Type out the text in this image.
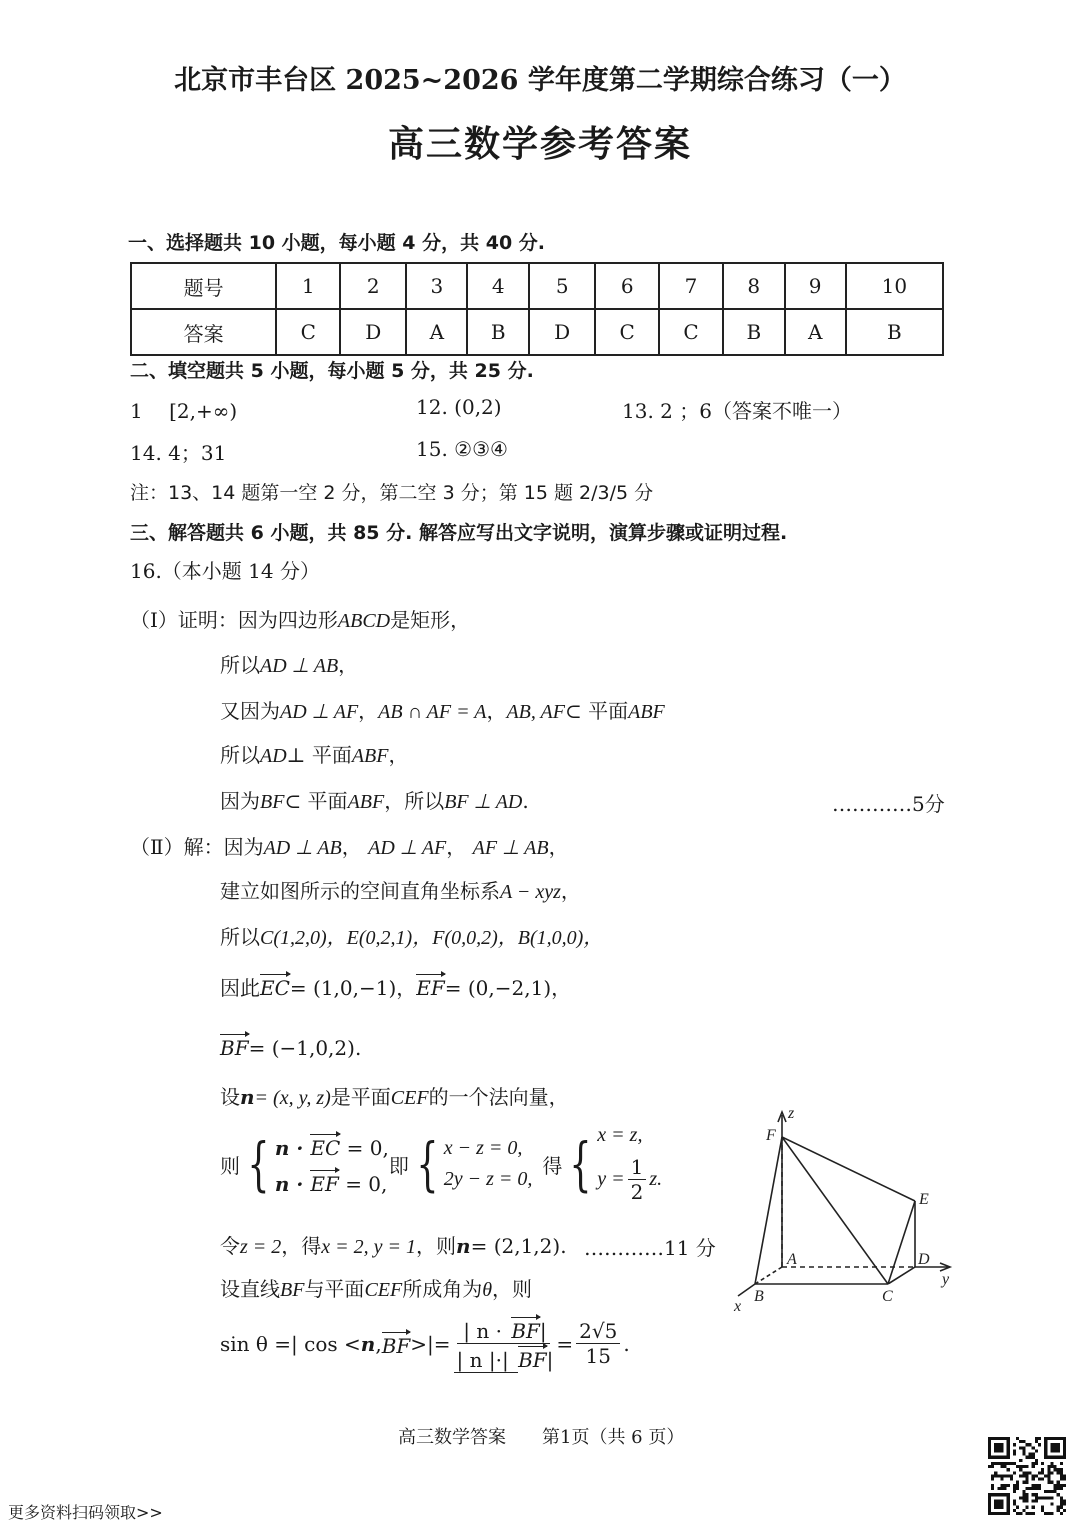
北京市丰台区 2025~2026 学年度第二学期综合练习（一）
高三数学参考答案
一、选择题共 10 小题，每小题 4 分，共 40 分.
题号	1	2	3	4	5	6	7	8	9	10
答案	C	D	A	B	D	C	C	B	A	B
二、填空题共 5 小题，每小题 5 分，共 25 分.
1　 [2,+∞)	12. (0,2)	13. 2 ；6（答案不唯一）
14. 4；31	15. ②③④
注：13、14 题第一空 2 分，第二空 3 分；第 15 题 2/3/5 分
三、解答题共 6 小题，共 85 分. 解答应写出文字说明，演算步骤或证明过程.
16.（本小题 14 分）
（Ⅰ）证明：因为四边形ABCD是矩形，
所以AD ⊥ AB，
又因为AD ⊥ AF，AB ∩ AF = A，AB, AF⊂ 平面ABF
所以AD⊥ 平面ABF，
因为BF⊂ 平面ABF，所以BF ⊥ AD.	…………5分
（Ⅱ）解：因为AD ⊥ AB， AD ⊥ AF， AF ⊥ AB，
建立如图所示的空间直角坐标系A − xyz，
所以C(1,2,0)，E(0,2,1)，F(0,0,2)，B(1,0,0)，
因此EC= (1,0,−1)，EF= (0,−2,1)，
BF= (−1,0,2).
设n= (x, y, z)是平面CEF的一个法向量，
则 { n · EC = 0,
n · EF = 0,
即 { x − z = 0,
2y − z = 0,
得 { x = z,
$y = \frac{1}{2} z$.
令z = 2，得x = 2, y = 1，则n= (2,1,2). …………11 分
设直线BF与平面CEF所成角为θ，则
sin θ =| cos < n , BF >|= $\frac{| n \cdot BF|}{| n |\cdot| BF|} = \frac{2√5}{15}$ .
z
F
E
A	D
y
B	C
x
高三数学答案　　第1页（共 6 页）
更多资料扫码领取>>
